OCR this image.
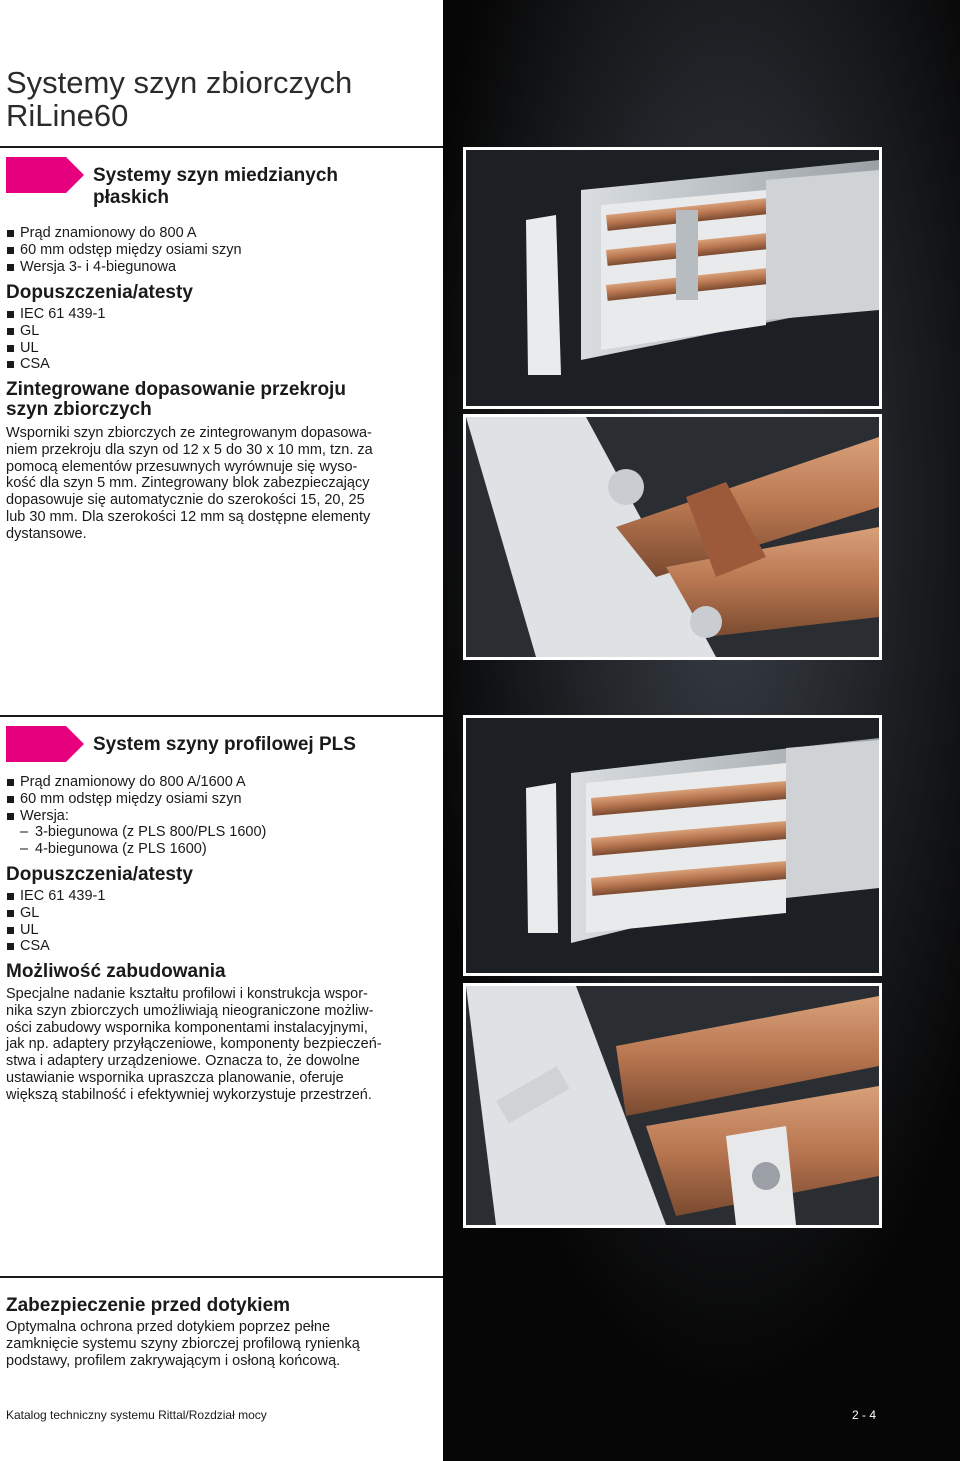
Systemy szyn zbiorczych
RiLine60
Systemy szyn miedzianych
płaskich
Prąd znamionowy do 800 A
60 mm odstęp między osiami szyn
Wersja 3- i 4-biegunowa
Dopuszczenia/atesty
IEC 61 439-1
GL
UL
CSA
Zintegrowane dopasowanie przekroju
szyn zbiorczych

Wsporniki szyn zbiorczych ze zintegrowanym dopasowa-
niem przekroju dla szyn od 12 x 5 do 30 x 10 mm, tzn. za
pomocą elementów przesuwnych wyrównuje się wyso-
kość dla szyn 5 mm. Zintegrowany blok zabezpieczający
dopasowuje się automatycznie do szerokości 15, 20, 25
lub 30 mm. Dla szerokości 12 mm są dostępne elementy
dystansowe.

System szyny profilowej PLS
Prąd znamionowy do 800 A/1600 A
60 mm odstęp między osiami szyn
Wersja:
– 3-biegunowa (z PLS 800/PLS 1600)
– 4-biegunowa (z PLS 1600)
Dopuszczenia/atesty
IEC 61 439-1
GL
UL
CSA
Możliwość zabudowania

Specjalne nadanie kształtu profilowi i konstrukcja wspor-
nika szyn zbiorczych umożliwiają nieograniczone możliw-
ości zabudowy wspornika komponentami instalacyjnymi,
jak np. adaptery przyłączeniowe, komponenty bezpieczeń-
stwa i adaptery urządzeniowe. Oznacza to, że dowolne
ustawianie wspornika upraszcza planowanie, oferuje
większą stabilność i efektywniej wykorzystuje przestrzeń.

Zabezpieczenie przed dotykiem

Optymalna ochrona przed dotykiem poprzez pełne
zamknięcie systemu szyny zbiorczej profilową rynienką
podstawy, profilem zakrywającym i osłoną końcową.

Katalog techniczny systemu Rittal/Rozdział mocy	2 - 4
